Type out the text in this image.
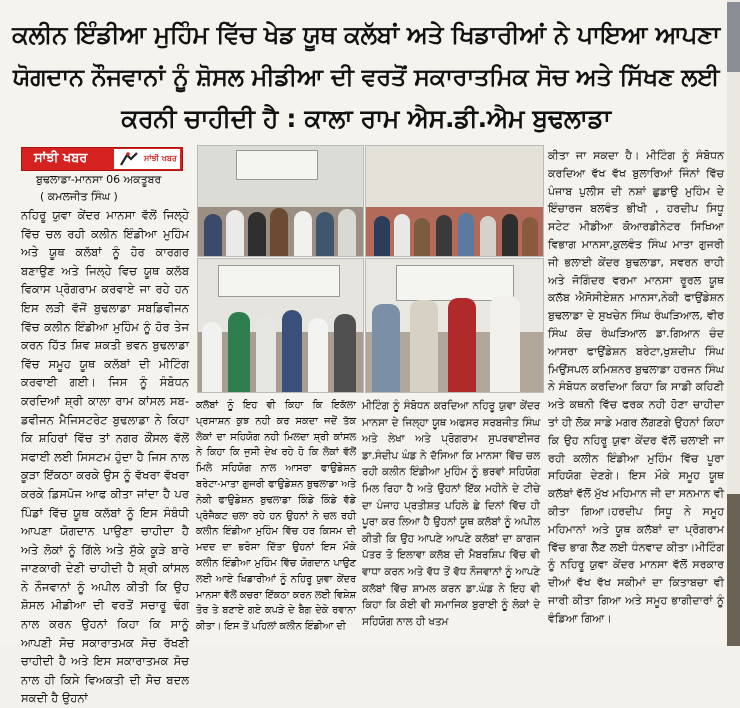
ਕਲੀਨ ਇੰਡੀਆ ਮੁਹਿੰਮ ਵਿੱਚ ਖੇਡ ਯੂਥ ਕਲੱਬਾਂ ਅਤੇ ਖਿਡਾਰੀਆਂ ਨੇ ਪਾਇਆ ਆਪਣਾ
ਯੋਗਦਾਨ ਨੌਜਵਾਨਾਂ ਨੂੰ ਸ਼ੋਸਲ ਮੀਡੀਆ ਦੀ ਵਰਤੋਂ ਸਕਾਰਾਤਮਿਕ ਸੋਚ ਅਤੇ ਸਿੱਖਣ ਲਈ
ਕਰਨੀ ਚਾਹੀਦੀ ਹੈ : ਕਾਲਾ ਰਾਮ ਐਸ.ਡੀ.ਐਮ ਬੁਢਲਾਡਾ
ਸਾਂਝੀ ਖਬਰ	ਸਾਂਝੀ ਖਬਰ
ਬੁਢਲਾਡਾ-ਮਾਨਸਾ 06 ਅਕਤੂਬਰ
( ਕਮਲਜੀਤ ਸਿੰਘ )

ਨਹਿਰੂ ਯੁਵਾ ਕੇਂਦਰ ਮਾਨਸਾ ਵੱਲੋਂ ਜਿਲ੍ਹੇ ਵਿੱਚ ਚਲ ਰਹੀ ਕਲੀਨ ਇੰਡੀਆ ਮੁਹਿੰਮ ਅਤੇ ਯੂਥ ਕਲੱਬਾਂ ਨੂੰ ਹੋਰ ਕਾਰਗਰ ਬਣਾਉਣ ਅਤੇ ਜਿਲ੍ਹੇ ਵਿਚ ਯੂਥ ਕਲੱਬ ਵਿਕਾਸ ਪ੍ਰੋਗਰਾਮ ਕਰਵਾਏ ਜਾ ਰਹੇ ਹਨ ਇਸ ਲੜੀ ਵੱਜੋਂ ਬੁਢਲਾਡਾ ਸਬਡਿਵੀਜਨ ਵਿੱਚ ਕਲੀਨ ਇੰਡੀਆ ਮੁਹਿੰਮ ਨੂੰ ਹੋਰ ਤੇਜ ਕਰਨ ਹਿੱਤ ਸ਼ਿਵ ਸ਼ਕਤੀ ਭਵਨ ਬੁਢਲਾਡਾ ਵਿੱਚ ਸਮੂਹ ਯੂਥ ਕਲੱਬਾਂ ਦੀ ਮੀਟਿੰਗ ਕਰਵਾਈ ਗਈ। ਜਿਸ ਨੂੰ ਸੰਬੋਧਨ ਕਰਦਿਆਂ ਸ਼੍ਰੀ ਕਾਲਾ ਰਾਮ ਕਾਂਸਲ ਸਬ-ਡਵੀਜਨ ਮੈਜਿਸਟਰੇਟ ਬੁਢਲਾਡਾ ਨੇ ਕਿਹਾ ਕਿ ਸ਼ਹਿਰਾਂ ਵਿੱਚ ਤਾਂ ਨਗਰ ਕੌਂਸਲ ਵੱਲੋਂ ਸਫਾਈ ਲਈ ਸਿਸਟਮ ਹੁੰਦਾ ਹੈ ਜਿਸ ਨਾਲ ਕੂੜਾ ਇੱਕਠਾ ਕਰਕੇ ਉਸ ਨੂੰ ਵੱਖਰਾ ਵੱਖਰਾ ਕਰਕੇ ਡਿਸਪੋਜ ਆਫ ਕੀਤਾ ਜਾਂਦਾ ਹੈ ਪਰ ਪਿੰਡਾਂ ਵਿੱਚ ਯੂਥ ਕਲੱਬਾਂ ਨੂੰ ਇਸ ਸੰਬੰਧੀ ਆਪਣਾ ਯੋਗਦਾਨ ਪਾਉਣਾ ਚਾਹੀਦਾ ਹੈ ਅਤੇ ਲੋਕਾਂ ਨੂੰ ਗਿੱਲੇ ਅਤੇ ਸੁੱਕੇ ਕੂੜੇ ਬਾਰੇ ਜਾਣਕਾਰੀ ਦੇਣੀ ਚਾਹੀਦੀ ਹੈ ਸ਼੍ਰੀ ਕਾਂਸਲ ਨੇ ਨੌਜਵਾਨਾਂ ਨੂੰ ਅਪੀਲ ਕੀਤੀ ਕਿ ਉਹ ਸ਼ੋਸਲ ਮੀਡੀਆ ਦੀ ਵਰਤੋਂ ਸਚਾਰੂ ਢੰਗ ਨਾਲ ਕਰਨ ਉਹਨਾਂ ਕਿਹਾ ਕਿ ਸਾਨੂੰ ਆਪਣੀ ਸੋਚ ਸਕਾਰਾਤਮਕ ਸੋਚ ਰੱਖਣੀ ਚਾਹੀਦੀ ਹੈ ਅਤੇ ਇਸ ਸਕਾਰਾਤਮਕ ਸੋਚ ਨਾਲ ਹੀ ਕਿਸੇ ਵਿਅਕਤੀ ਦੀ ਸੋਚ ਬਦਲ ਸਕਦੀ ਹੈ ਉਹਨਾਂ

ਕਲੱਬਾਂ ਨੂੰ ਇਹ ਵੀ ਕਿਹਾ ਕਿ ਇਕੱਲਾ ਪ੍ਰਸਾਸ਼ਨ ਕੁਝ ਨਹੀ ਕਰ ਸਕਦਾ ਜਦੋਂ ਤੱਕ ਲੋਕਾਂ ਦਾ ਸਹਿਯੋਗ ਨਹੀ ਮਿਲਦਾ ਸ਼੍ਰੀ ਕਾਂਸਲ ਨੇ ਕਿਹਾ ਕਿ ਜੁਸੀ ਦੇਖ ਰਹੇ ਹੋ ਕਿ ਲੋਕਾਂ ਵੱਲੋਂ ਮਿਲੇ ਸਹਿਯੋਗ ਨਾਲ ਆਸਰਾ ਫਾਉਡੇਸ਼ਨ ਬਰੇਟਾ-ਮਾਤਾ ਗੁਜਰੀ ਫਾਉਡੇਸ਼ਨ ਬੁਢਲਾਡਾ ਅਤੇ ਨੇਕੀ ਫਾਉਡੇਸ਼ਨ ਬੁਢਲਾਡਾ ਕਿੰਡੇ ਕਿੰਡੇ ਵੱਡੇ ਪ੍ਰੋਜੈਕਟ ਚਲਾ ਰਹੇ ਹਨ ਉਹਨਾਂ ਨੇ ਚਲ ਰਹੀ ਕਲੀਨ ਇੰਡੀਆ ਮੁਹਿੰਮ ਵਿੱਚ ਹਰ ਕਿਸਮ ਦੀ ਮਦਦ ਦਾ ਭਰੋਸਾ ਦਿੱਤਾ ਉਹਨਾਂ ਇਸ ਮੌਕੇ ਕਲੀਨ ਇੰਡੀਆ ਮੁਹਿੰਮ ਵਿੱਚ ਯੋਗਦਾਨ ਪਾਉਣ ਲਈ ਆਏ ਖਿਡਾਰੀਆਂ ਨੂੰ ਨਹਿਰੂ ਯੁਵਾ ਕੇਂਦਰ ਮਾਨਸਾ ਵੱਲੋਂ ਕਚਰਾ ਇੱਕਠਾ ਕਰਨ ਲਈ ਵਿਸ਼ੇਸ਼ ਤੋਰ ਤੇ ਬਣਾਏ ਗਏ ਕਪੜੇ ਦੇ ਬੈਗ ਦੇਕੇ ਰਵਾਨਾ ਕੀਤਾ। ਇਸ ਤੋਂ ਪਹਿਲਾਂ ਕਲੀਨ ਇੰਡੀਆ ਦੀ

ਮੀਟਿੰਗ ਨੂੰ ਸੰਬੋਧਨ ਕਰਦਿਆ ਨਹਿਰੂ ਯੁਵਾ ਕੇਂਦਰ ਮਾਨਸਾ ਦੇ ਜਿਲ੍ਹਾ ਯੂਥ ਅਫਸਰ ਸਰਬਜੀਤ ਸਿੰਘ ਅਤੇ ਲੇਖਾ ਅਤੇ ਪ੍ਰੋਗਰਾਮ ਸੁਪਰਵਾਈਜਰ ਡਾ.ਸੰਦੀਪ ਘੰਡ ਨੇ ਦੱਸਿਆ ਕਿ ਮਾਨਸਾ ਵਿੱਚ ਚਲ ਰਹੀ ਕਲੀਨ ਇੰਡੀਆ ਮੁਹਿੰਮ ਨੂੰ ਭਰਵਾਂ ਸਹਿਯੋਗ ਮਿਲ ਰਿਹਾ ਹੈ ਅਤੇ ਉਹਨਾਂ ਇੱਕ ਮਹੀਨੇ ਦੇ ਟੀਚੇ ਦਾ ਪੰਜਾਹ ਪ੍ਰਤੀਸ਼ਤ ਪਹਿਲੇ ਛੇ ਦਿਨਾਂ ਵਿੱਚ ਹੀ ਪੂਰਾ ਕਰ ਲਿਆ ਹੈ ਉਹਨਾਂ ਯੂਥ ਕਲੱਬਾਂ ਨੂੰ ਅਪੀਲ ਕੀਤੀ ਕਿ ਉਹ ਆਪਣੇ ਆਪਣੇ ਕਲੱਬਾਂ ਦਾ ਕਾਗਜ ਪੱਤਰ ਤੋ ਇਲਾਵਾ ਕਲੱਬ ਦੀ ਮੈਬਰਸ਼ਿਪ ਵਿੱਚ ਵੀ ਵਾਧਾ ਕਰਨ ਅਤੇ ਵੱਧ ਤੋਂ ਵੱਧ ਨੌਜਵਾਨਾਂ ਨੂੰ ਆਪਣੇ ਕਲੱਬਾਂ ਵਿੱਚ ਸ਼ਾਮਲ ਕਰਨ ਡਾ.ਘੰਡ ਨੇ ਇਹ ਵੀ ਕਿਹਾ ਕਿ ਕੋਈ ਵੀ ਸਮਾਜਿਕ ਬੁਰਾਈ ਨੂੰ ਲੋਕਾਂ ਦੇ ਸਹਿਯੋਗ ਨਾਲ ਹੀ ਖਤਮ

ਕੀਤਾ ਜਾ ਸਕਦਾ ਹੈ। ਮੀਟਿੰਗ ਨੂੰ ਸੰਬੋਧਨ ਕਰਦਿਆ ਵੱਖ ਵੱਖ ਬੁਲਾਰਿਆਂ ਜਿੰਨਾਂ ਵਿੱਚ ਪੰਜਾਬ ਪੁਲੀਸ ਦੀ ਨਸ਼ਾਂ ਛੁਡਾਉ ਮੁਹਿੰਮ ਦੇ ਇੰਚਾਰਜ ਬਲਵੰਤ ਭੀਖੀ , ਹਰਦੀਪ ਸਿਧੂ ਸਟੇਟ ਮੀਡੀਆ ਕੋਆਰਡੀਨੇਟਰ ਸਿਖਿਆ ਵਿਭਾਗ ਮਾਨਸਾ,ਕੁਲਵੰਤ ਸਿੰਘ ਮਾਤਾ ਗੁਜਰੀ ਜੀ ਭਲਾਈ ਕੇਂਦਰ ਬੁਢਲਾਡਾ, ਸਵਰਨ ਰਾਹੀ ਅਤੇ ਜੋਗਿੰਦਰ ਵਰਮਾ ਮਾਨਸਾ ਰੂਰਲ ਯੂਥ ਕਲੱਬ ਐਸੋਸੀਏਸ਼ਨ ਮਾਨਸਾ,ਨੇਕੀ ਫਾਉਂਡੇਸ਼ਨ ਬੁਢਲਾਡਾ ਦੇ ਸੁਖਚੇਨ ਸਿੰਘ ਰੰਘੜਿਆਲ, ਵੀਰ ਸਿੰਘ ਕੋਚ ਰੰਘੜਿਆਲ ਡਾ.ਗਿਆਨ ਚੰਦ ਆਸਰਾ ਫਾਉਂਡੇਸ਼ਨ ਬਰੇਟਾ,ਖੁਸ਼ਦੀਪ ਸਿੰਘ ਮਿਉਂਸਪਲ ਕਮਿਸ਼ਨਰ ਬੁਢਲਾਡਾ ਹਰਜਨ ਸਿੰਘ ਨੇ ਸੰਬੋਧਨ ਕਰਦਿਆ ਕਿਹਾ ਕਿ ਸਾਡੀ ਕਹਿਣੀ ਅਤੇ ਕਥਨੀ ਵਿੱਚ ਫਰਕ ਨਹੀ ਹੋਣਾ ਚਾਹੀਦਾ ਤਾਂ ਹੀ ਲੋਕ ਸਾਡੇ ਮਗਰ ਲੱਗਣਗੇ ਉਹਨਾਂ ਕਿਹਾ ਕਿ ਉਹ ਨਹਿਰੂ ਯੁਵਾ ਕੇਂਦਰ ਵੱਲੋਂ ਚਲਾਈ ਜਾ ਰਹੀ ਕਲੀਨ ਇੰਡੀਆ ਮੁਹਿੰਮ ਵਿੱਚ ਪੂਰਾ ਸਹਿਯੋਗ ਦੇਣਗੇ। ਇਸ ਮੌਕੇ ਸਮੂਹ ਯੂਥ ਕਲੱਬਾਂ ਵੱਲੋਂ ਮੁੱਖ ਮਹਿਮਾਨ ਜੀ ਦਾ ਸਨਮਾਨ ਵੀ ਕੀਤਾ ਗਿਆ।ਹਰਦੀਪ ਸਿਧੂ ਨੇ ਸਮੂਹ ਮਹਿਮਾਨਾਂ ਅਤੇ ਯੂਥ ਕਲੱਬਾਂ ਦਾ ਪ੍ਰੋਗਰਾਮ ਵਿੱਚ ਭਾਗ ਲੈਣ ਲਈ ਧੰਨਵਾਦ ਕੀਤਾ।ਮੀਟਿੰਗ ਨੂੰ ਨਹਿਰੂ ਯੁਵਾ ਕੇਂਦਰ ਮਾਨਸਾ ਵੱਲੋਂ ਸਰਕਾਰ ਦੀਆਂ ਵੱਖ ਵੱਖ ਸਕੀਮਾਂ ਦਾ ਕਿਤਾਬਚਾ ਵੀ ਜਾਰੀ ਕੀਤਾ ਗਿਆ ਅਤੇ ਸਮੂਹ ਭਾਗੀਦਾਰਾਂ ਨੂੰ ਵੰਡਿਆ ਗਿਆ।
